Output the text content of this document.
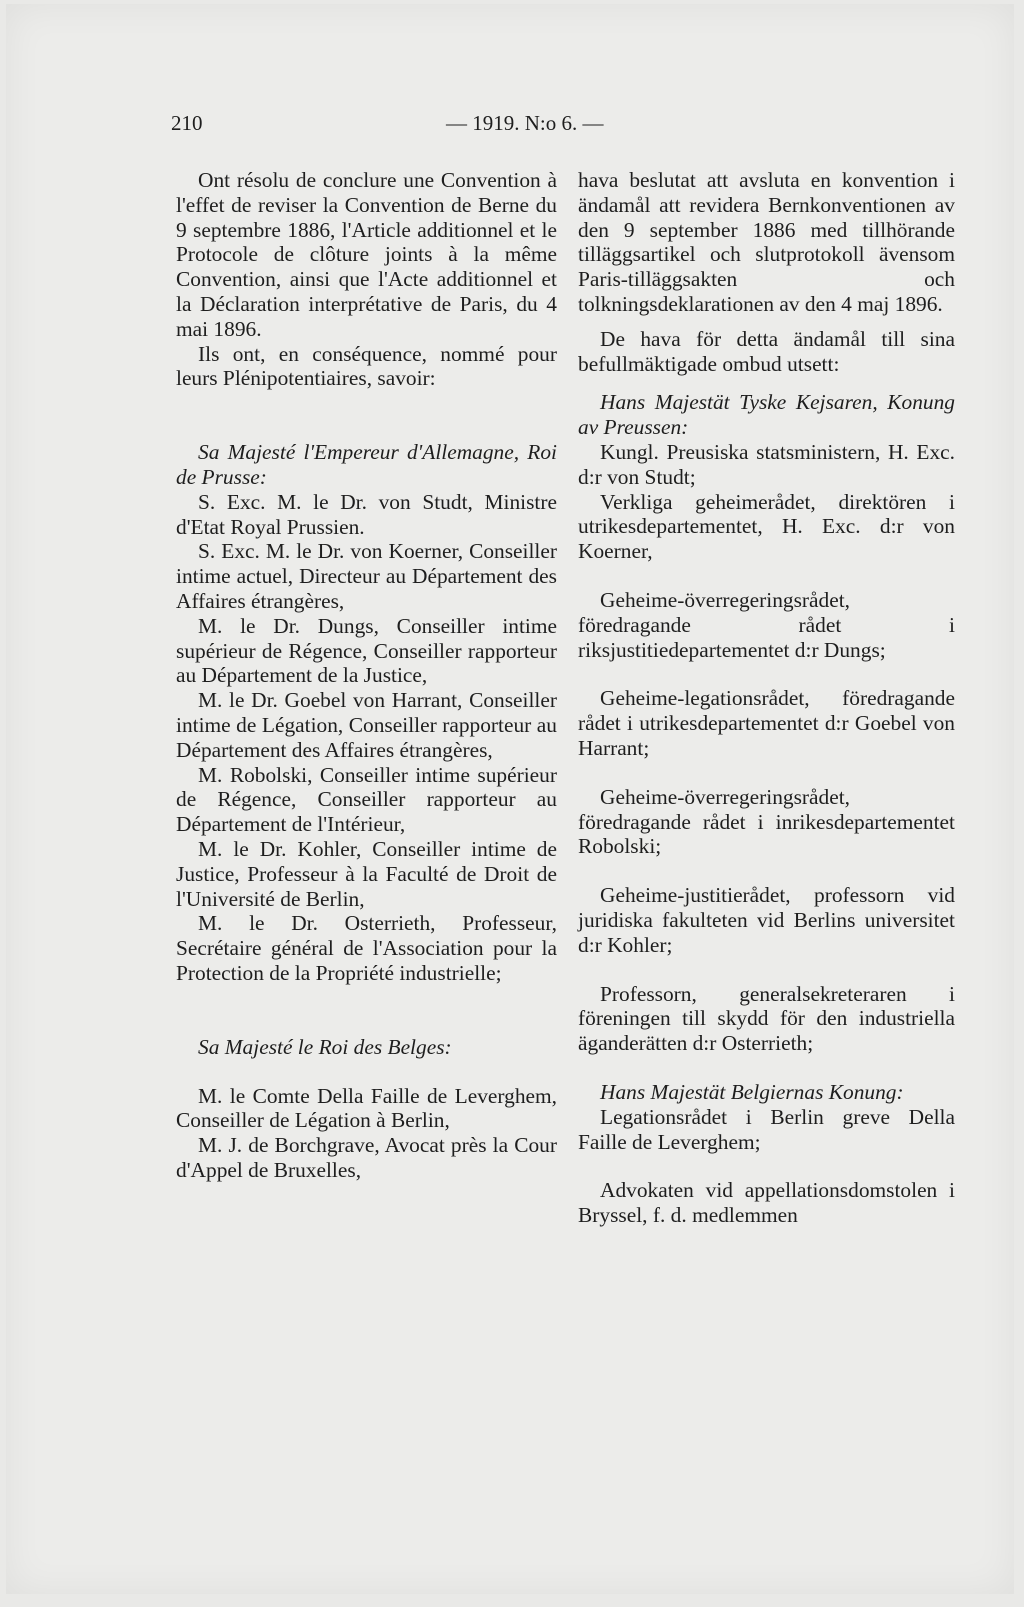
210	— 1919. N:o 6. —

Ont résolu de conclure une Convention à l'effet de reviser la Convention de Berne du 9 septembre 1886, l'Article additionnel et le Protocole de clôture joints à la même Convention, ainsi que l'Acte additionnel et la Déclaration interprétative de Paris, du 4 mai 1896.

Ils ont, en conséquence, nommé pour leurs Plénipotentiaires, savoir:

Sa Majesté l'Empereur d'Allemagne, Roi de Prusse:

S. Exc. M. le Dr. von Studt, Ministre d'Etat Royal Prussien.

S. Exc. M. le Dr. von Koerner, Conseiller intime actuel, Directeur au Département des Affaires étrangères,

M. le Dr. Dungs, Conseiller intime supérieur de Régence, Conseiller rapporteur au Département de la Justice,

M. le Dr. Goebel von Harrant, Conseiller intime de Légation, Conseiller rapporteur au Département des Affaires étrangères,

M. Robolski, Conseiller intime supérieur de Régence, Conseiller rapporteur au Département de l'Intérieur,

M. le Dr. Kohler, Conseiller intime de Justice, Professeur à la Faculté de Droit de l'Université de Berlin,

M. le Dr. Osterrieth, Professeur, Secrétaire général de l'Association pour la Protection de la Propriété industrielle;

Sa Majesté le Roi des Belges:

M. le Comte Della Faille de Leverghem, Conseiller de Légation à Berlin,

M. J. de Borchgrave, Avocat près la Cour d'Appel de Bruxelles,

hava beslutat att avsluta en konvention i ändamål att revidera Bernkonventionen av den 9 september 1886 med tillhörande tilläggsartikel och slutprotokoll ävensom Paris-tilläggsakten och tolkningsdeklarationen av den 4 maj 1896.

De hava för detta ändamål till sina befullmäktigade ombud utsett:

Hans Majestät Tyske Kejsaren, Konung av Preussen:

Kungl. Preusiska statsministern, H. Exc. d:r von Studt;

Verkliga geheimerådet, direktören i utrikesdepartementet, H. Exc. d:r von Koerner,

Geheime-överregeringsrådet, föredragande rådet i riksjustitiedepartementet d:r Dungs;

Geheime-legationsrådet, föredragande rådet i utrikesdepartementet d:r Goebel von Harrant;

Geheime-överregeringsrådet, föredragande rådet i inrikesdepartementet Robolski;

Geheime-justitierådet, professorn vid juridiska fakulteten vid Berlins universitet d:r Kohler;

Professorn, generalsekreteraren i föreningen till skydd för den industriella äganderätten d:r Osterrieth;

Hans Majestät Belgiernas Konung:

Legationsrådet i Berlin greve Della Faille de Leverghem;

Advokaten vid appellationsdomstolen i Bryssel, f. d. medlemmen
